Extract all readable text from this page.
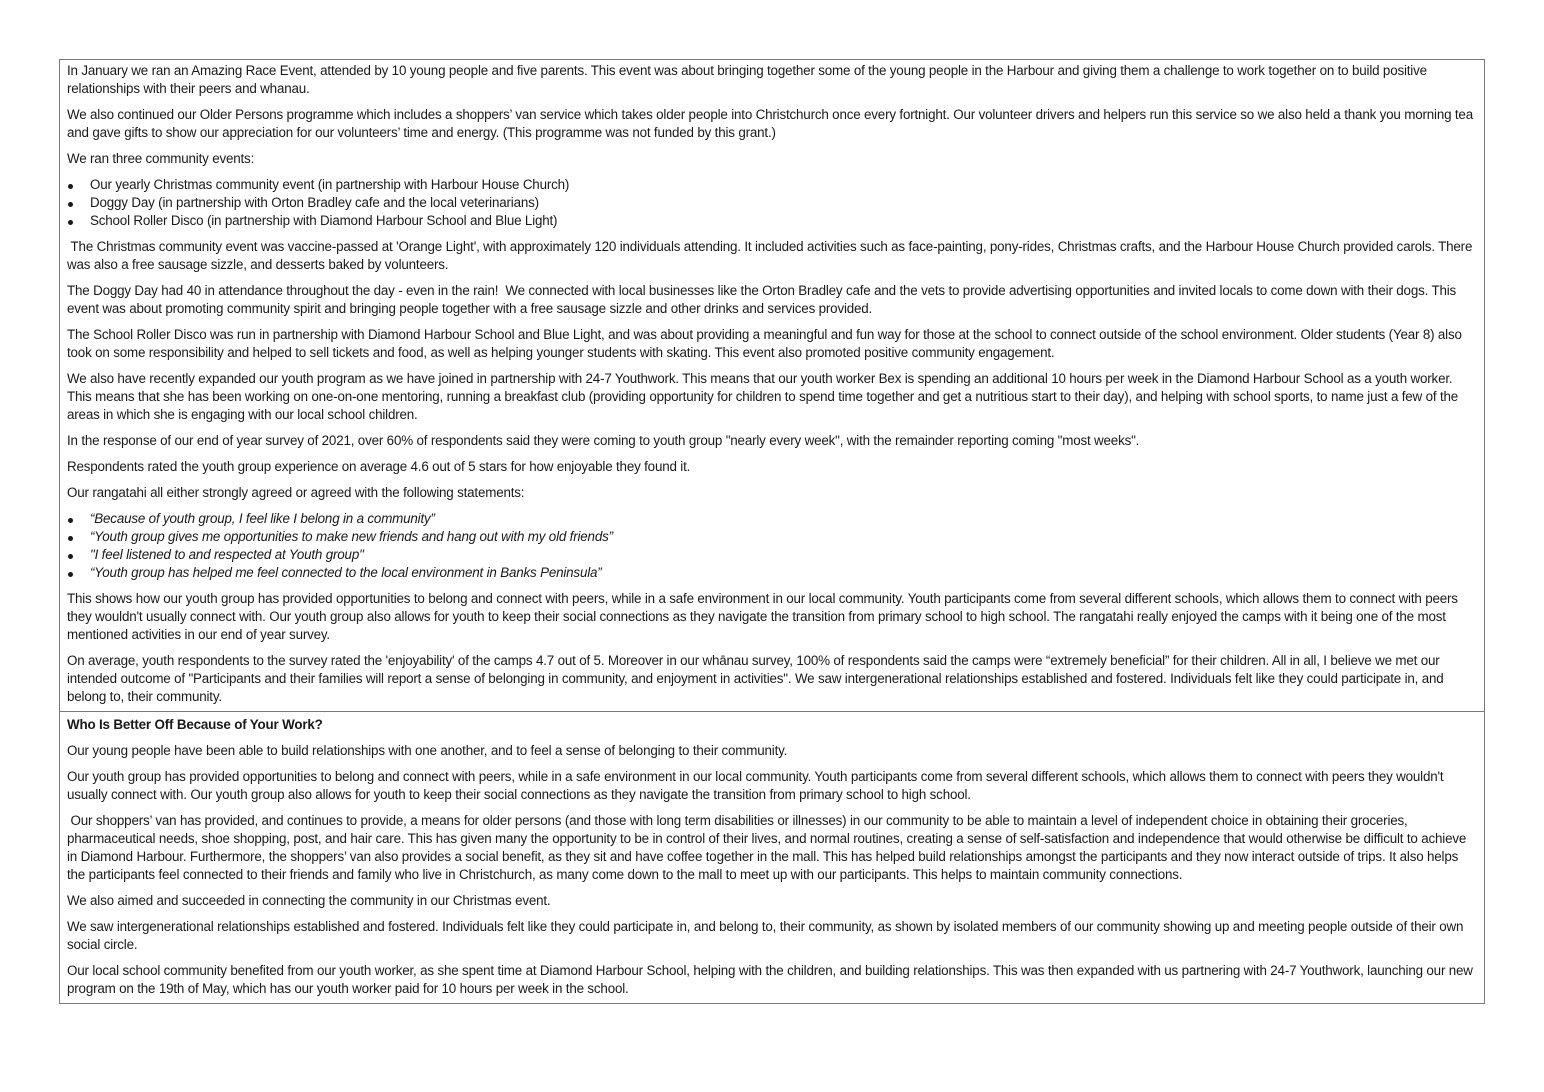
In January we ran an Amazing Race Event, attended by 10 young people and five parents. This event was about bringing together some of the young people in the Harbour and giving them a challenge to work together on to build positive relationships with their peers and whanau.

We also continued our Older Persons programme which includes a shoppers’ van service which takes older people into Christchurch once every fortnight. Our volunteer drivers and helpers run this service so we also held a thank you morning tea and gave gifts to show our appreciation for our volunteers’ time and energy. (This programme was not funded by this grant.)

We ran three community events:

Our yearly Christmas community event (in partnership with Harbour House Church)
Doggy Day (in partnership with Orton Bradley cafe and the local veterinarians)
School Roller Disco (in partnership with Diamond Harbour School and Blue Light)

The Christmas community event was vaccine-passed at 'Orange Light', with approximately 120 individuals attending. It included activities such as face-painting, pony-rides, Christmas crafts, and the Harbour House Church provided carols. There was also a free sausage sizzle, and desserts baked by volunteers.

The Doggy Day had 40 in attendance throughout the day - even in the rain!  We connected with local businesses like the Orton Bradley cafe and the vets to provide advertising opportunities and invited locals to come down with their dogs. This event was about promoting community spirit and bringing people together with a free sausage sizzle and other drinks and services provided.

The School Roller Disco was run in partnership with Diamond Harbour School and Blue Light, and was about providing a meaningful and fun way for those at the school to connect outside of the school environment. Older students (Year 8) also took on some responsibility and helped to sell tickets and food, as well as helping younger students with skating. This event also promoted positive community engagement.

We also have recently expanded our youth program as we have joined in partnership with 24-7 Youthwork. This means that our youth worker Bex is spending an additional 10 hours per week in the Diamond Harbour School as a youth worker. This means that she has been working on one-on-one mentoring, running a breakfast club (providing opportunity for children to spend time together and get a nutritious start to their day), and helping with school sports, to name just a few of the areas in which she is engaging with our local school children.

In the response of our end of year survey of 2021, over 60% of respondents said they were coming to youth group "nearly every week", with the remainder reporting coming "most weeks".

Respondents rated the youth group experience on average 4.6 out of 5 stars for how enjoyable they found it.

Our rangatahi all either strongly agreed or agreed with the following statements:

“Because of youth group, I feel like I belong in a community”
“Youth group gives me opportunities to make new friends and hang out with my old friends”
"I feel listened to and respected at Youth group"
“Youth group has helped me feel connected to the local environment in Banks Peninsula”

This shows how our youth group has provided opportunities to belong and connect with peers, while in a safe environment in our local community. Youth participants come from several different schools, which allows them to connect with peers they wouldn't usually connect with. Our youth group also allows for youth to keep their social connections as they navigate the transition from primary school to high school. The rangatahi really enjoyed the camps with it being one of the most mentioned activities in our end of year survey.

On average, youth respondents to the survey rated the 'enjoyability' of the camps 4.7 out of 5. Moreover in our whānau survey, 100% of respondents said the camps were “extremely beneficial” for their children. All in all, I believe we met our intended outcome of "Participants and their families will report a sense of belonging in community, and enjoyment in activities". We saw intergenerational relationships established and fostered. Individuals felt like they could participate in, and belong to, their community.

Who Is Better Off Because of Your Work?

Our young people have been able to build relationships with one another, and to feel a sense of belonging to their community.

Our youth group has provided opportunities to belong and connect with peers, while in a safe environment in our local community. Youth participants come from several different schools, which allows them to connect with peers they wouldn't usually connect with. Our youth group also allows for youth to keep their social connections as they navigate the transition from primary school to high school.

Our shoppers’ van has provided, and continues to provide, a means for older persons (and those with long term disabilities or illnesses) in our community to be able to maintain a level of independent choice in obtaining their groceries, pharmaceutical needs, shoe shopping, post, and hair care. This has given many the opportunity to be in control of their lives, and normal routines, creating a sense of self-satisfaction and independence that would otherwise be difficult to achieve in Diamond Harbour. Furthermore, the shoppers’ van also provides a social benefit, as they sit and have coffee together in the mall. This has helped build relationships amongst the participants and they now interact outside of trips. It also helps the participants feel connected to their friends and family who live in Christchurch, as many come down to the mall to meet up with our participants. This helps to maintain community connections.

We also aimed and succeeded in connecting the community in our Christmas event.

We saw intergenerational relationships established and fostered. Individuals felt like they could participate in, and belong to, their community, as shown by isolated members of our community showing up and meeting people outside of their own social circle.

Our local school community benefited from our youth worker, as she spent time at Diamond Harbour School, helping with the children, and building relationships. This was then expanded with us partnering with 24-7 Youthwork, launching our new program on the 19th of May, which has our youth worker paid for 10 hours per week in the school.
